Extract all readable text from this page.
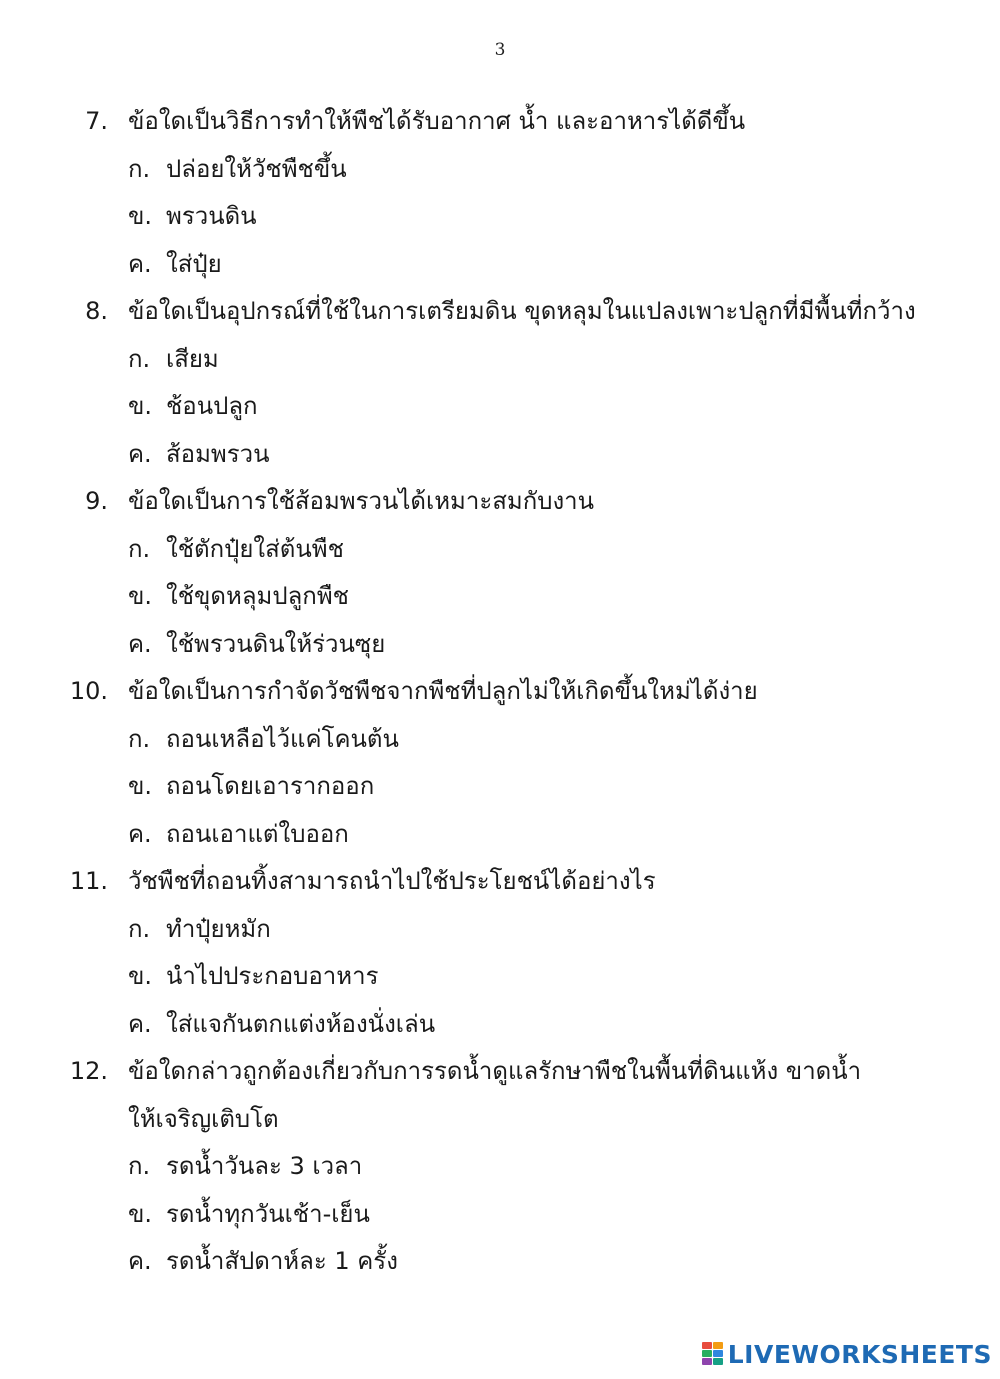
3
7. ข้อใดเป็นวิธีการทำให้พืชได้รับอากาศ น้ำ และอาหารได้ดีขึ้น
ก. ปล่อยให้วัชพืชขึ้น
ข. พรวนดิน
ค. ใส่ปุ๋ย
8. ข้อใดเป็นอุปกรณ์ที่ใช้ในการเตรียมดิน ขุดหลุมในแปลงเพาะปลูกที่มีพื้นที่กว้าง
ก. เสียม
ข. ช้อนปลูก
ค. ส้อมพรวน
9. ข้อใดเป็นการใช้ส้อมพรวนได้เหมาะสมกับงาน
ก. ใช้ตักปุ๋ยใส่ต้นพืช
ข. ใช้ขุดหลุมปลูกพืช
ค. ใช้พรวนดินให้ร่วนซุย
10. ข้อใดเป็นการกำจัดวัชพืชจากพืชที่ปลูกไม่ให้เกิดขึ้นใหม่ได้ง่าย
ก. ถอนเหลือไว้แค่โคนต้น
ข. ถอนโดยเอารากออก
ค. ถอนเอาแต่ใบออก
11. วัชพืชที่ถอนทิ้งสามารถนำไปใช้ประโยชน์ได้อย่างไร
ก. ทำปุ๋ยหมัก
ข. นำไปประกอบอาหาร
ค. ใส่แจกันตกแต่งห้องนั่งเล่น
12. ข้อใดกล่าวถูกต้องเกี่ยวกับการรดน้ำดูแลรักษาพืชในพื้นที่ดินแห้ง ขาดน้ำ
ให้เจริญเติบโต
ก. รดน้ำวันละ 3 เวลา
ข. รดน้ำทุกวันเช้า-เย็น
ค. รดน้ำสัปดาห์ละ 1 ครั้ง
LIVEWORKSHEETS
